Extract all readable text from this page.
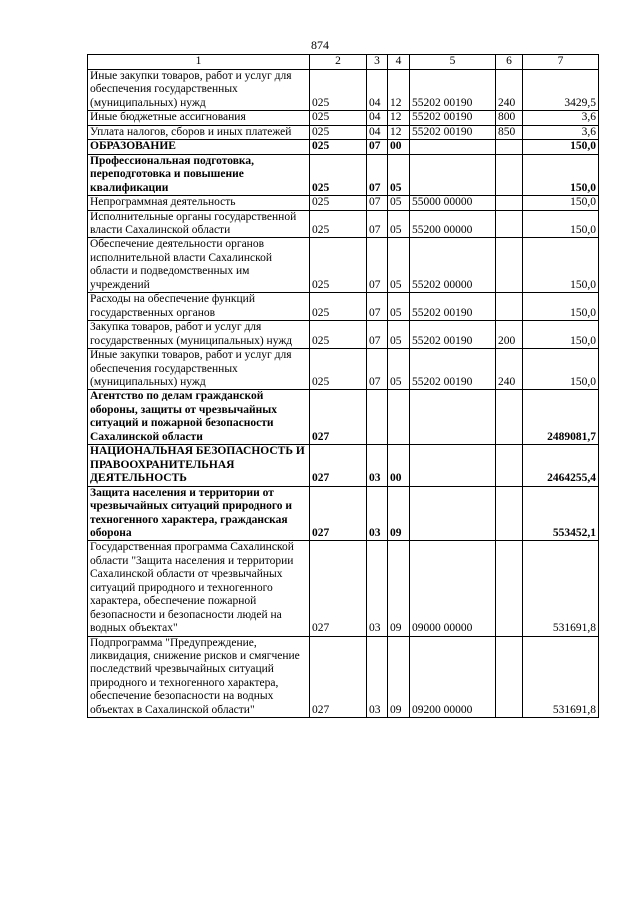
874
1	2	3	4	5	6	7
Иные закупки товаров, работ и услуг для обеспечения государственных (муниципальных) нужд	025	04	12	55202 00190	240	3429,5
Иные бюджетные ассигнования	025	04	12	55202 00190	800	3,6
Уплата налогов, сборов и иных платежей	025	04	12	55202 00190	850	3,6
ОБРАЗОВАНИЕ	025	07	00			150,0
Профессиональная подготовка, переподготовка и повышение квалификации	025	07	05			150,0
Непрограммная деятельность	025	07	05	55000 00000		150,0
Исполнительные органы государственной власти Сахалинской области	025	07	05	55200 00000		150,0
Обеспечение деятельности органов исполнительной власти Сахалинской области и подведомственных им учреждений	025	07	05	55202 00000		150,0
Расходы на обеспечение функций государственных органов	025	07	05	55202 00190		150,0
Закупка товаров, работ и услуг для государственных (муниципальных) нужд	025	07	05	55202 00190	200	150,0
Иные закупки товаров, работ и услуг для обеспечения государственных (муниципальных) нужд	025	07	05	55202 00190	240	150,0
Агентство по делам гражданской обороны, защиты от чрезвычайных ситуаций и пожарной безопасности Сахалинской области	027					2489081,7
НАЦИОНАЛЬНАЯ БЕЗОПАСНОСТЬ И ПРАВООХРАНИТЕЛЬНАЯ ДЕЯТЕЛЬНОСТЬ	027	03	00			2464255,4
Защита населения и территории от чрезвычайных ситуаций природного и техногенного характера, гражданская оборона	027	03	09			553452,1
Государственная программа Сахалинской области "Защита населения и территории Сахалинской области от чрезвычайных ситуаций природного и техногенного характера, обеспечение пожарной безопасности и безопасности людей на водных объектах"	027	03	09	09000 00000		531691,8
Подпрограмма "Предупреждение, ликвидация, снижение рисков и смягчение последствий чрезвычайных ситуаций природного и техногенного характера, обеспечение безопасности на водных объектах в Сахалинской области"	027	03	09	09200 00000		531691,8
